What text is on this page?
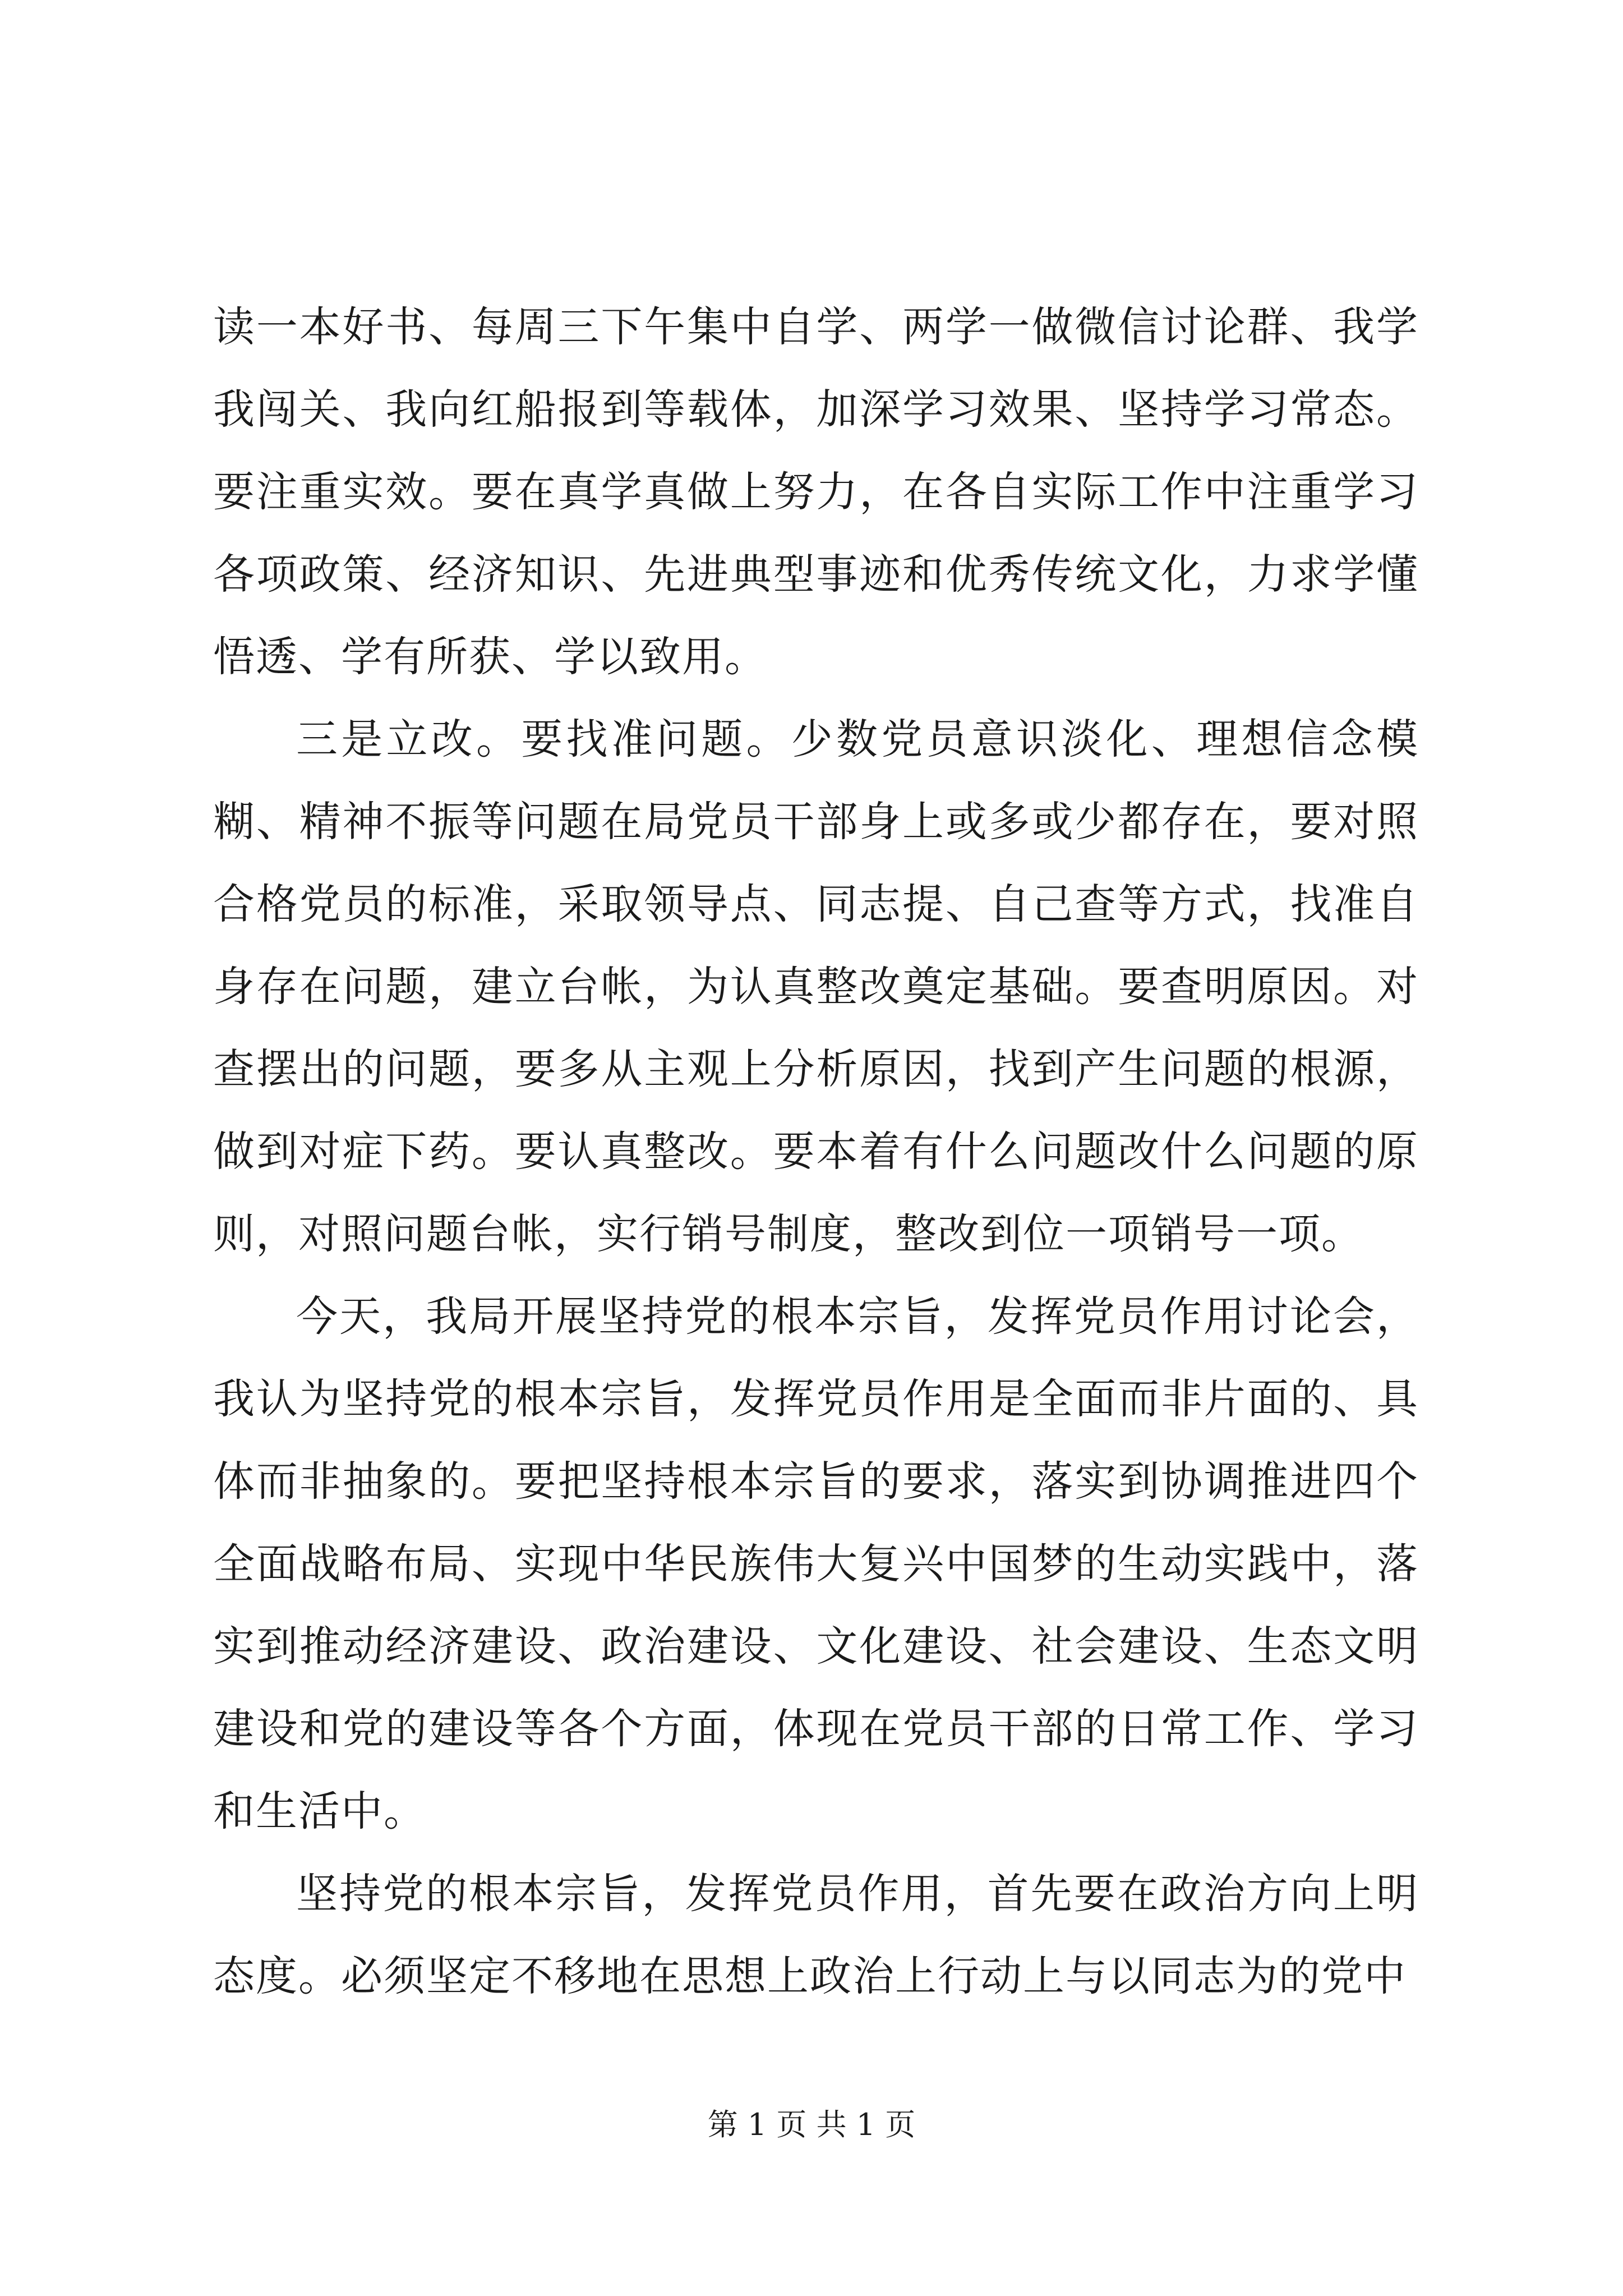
读一本好书、每周三下午集中自学、两学一做微信讨论群、我学我闯关、我向红船报到等载体，加深学习效果、坚持学习常态。要注重实效。要在真学真做上努力，在各自实际工作中注重学习各项政策、经济知识、先进典型事迹和优秀传统文化，力求学懂悟透、学有所获、学以致用。

三是立改。要找准问题。少数党员意识淡化、理想信念模糊、精神不振等问题在局党员干部身上或多或少都存在，要对照合格党员的标准，采取领导点、同志提、自己查等方式，找准自身存在问题，建立台帐，为认真整改奠定基础。要查明原因。对查摆出的问题，要多从主观上分析原因，找到产生问题的根源，做到对症下药。要认真整改。要本着有什么问题改什么问题的原则，对照问题台帐，实行销号制度，整改到位一项销号一项。

今天，我局开展坚持党的根本宗旨，发挥党员作用讨论会，我认为坚持党的根本宗旨，发挥党员作用是全面而非片面的、具体而非抽象的。要把坚持根本宗旨的要求，落实到协调推进四个全面战略布局、实现中华民族伟大复兴中国梦的生动实践中，落实到推动经济建设、政治建设、文化建设、社会建设、生态文明建设和党的建设等各个方面，体现在党员干部的日常工作、学习和生活中。

坚持党的根本宗旨，发挥党员作用，首先要在政治方向上明态度。必须坚定不移地在思想上政治上行动上与以同志为的党中

第 1 页 共 1 页
